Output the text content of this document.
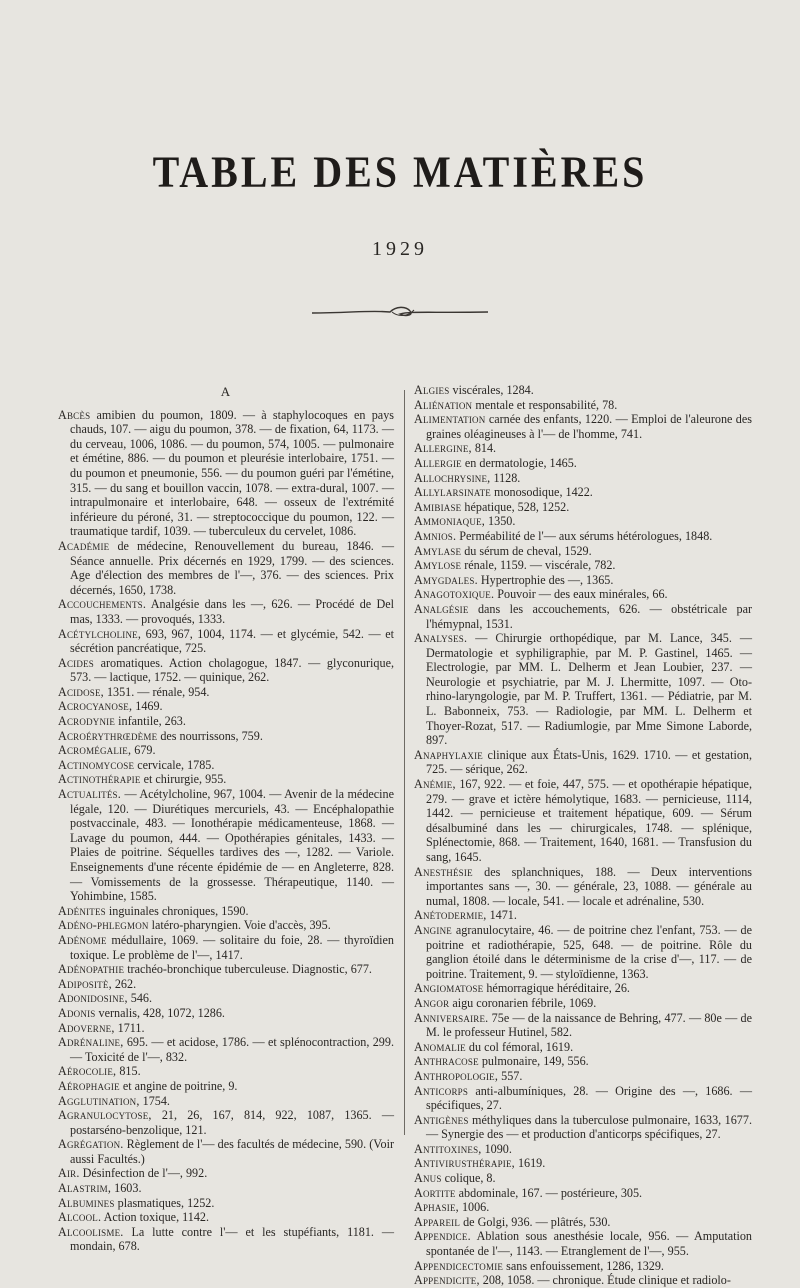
TABLE DES MATIÈRES
1929
A

Abcès amibien du poumon, 1809. — à staphylocoques en pays chauds, 107. — aigu du poumon, 378. — de fixation, 64, 1173. — du cerveau, 1006, 1086. — du poumon, 574, 1005. — pulmonaire et émétine, 886. — du poumon et pleurésie interlobaire, 1751. — du poumon et pneumonie, 556. — du poumon guéri par l'émétine, 315. — du sang et bouillon vaccin, 1078. — extra-dural, 1007. — intrapulmonaire et interlobaire, 648. — osseux de l'extrémité inférieure du péroné, 31. — streptococcique du poumon, 122. — traumatique tardif, 1039. — tuberculeux du cervelet, 1086.

Académie de médecine, Renouvellement du bureau, 1846. — Séance annuelle. Prix décernés en 1929, 1799. — des sciences. Age d'élection des membres de l'—, 376. — des sciences. Prix décernés, 1650, 1738.

Accouchements. Analgésie dans les —, 626. — Procédé de Del mas, 1333. — provoqués, 1333.

Acétylcholine, 693, 967, 1004, 1174. — et glycémie, 542. — et sécrétion pancréatique, 725.

Acides aromatiques. Action cholagogue, 1847. — glyconurique, 573. — lactique, 1752. — quinique, 262.

Acidose, 1351. — rénale, 954.

Acrocyanose, 1469.

Acrodynie infantile, 263.

Acroérythrœdème des nourrissons, 759.

Acromégalie, 679.

Actinomycose cervicale, 1785.

Actinothérapie et chirurgie, 955.

Actualités. — Acétylcholine, 967, 1004. — Avenir de la médecine légale, 120. — Diurétiques mercuriels, 43. — Encéphalopathie postvaccinale, 483. — Ionothérapie médicamenteuse, 1868. — Lavage du poumon, 444. — Opothérapies génitales, 1433. — Plaies de poitrine. Séquelles tardives des —, 1282. — Variole. Enseignements d'une récente épidémie de — en Angleterre, 828. — Vomissements de la grossesse. Thérapeutique, 1140. — Yohimbine, 1585.

Adénites inguinales chroniques, 1590.

Adéno-phlegmon latéro-pharyngien. Voie d'accès, 395.

Adénome médullaire, 1069. — solitaire du foie, 28. — thyroïdien toxique. Le problème de l'—, 1417.

Adénopathie trachéo-bronchique tuberculeuse. Diagnostic, 677.

Adipositè, 262.

Adonidosine, 546.

Adonis vernalis, 428, 1072, 1286.

Adoverne, 1711.

Adrénaline, 695. — et acidose, 1786. — et splénocontraction, 299. — Toxicité de l'—, 832.

Aérocolie, 815.

Aérophagie et angine de poitrine, 9.

Agglutination, 1754.

Agranulocytose, 21, 26, 167, 814, 922, 1087, 1365. — postarséno-benzolique, 121.

Agrégation. Règlement de l'— des facultés de médecine, 590. (Voir aussi Facultés.)

Air. Désinfection de l'—, 992.

Alastrim, 1603.

Albumines plasmatiques, 1252.

Alcool. Action toxique, 1142.

Alcoolisme. La lutte contre l'— et les stupéfiants, 1181. — mondain, 678.

Algies viscérales, 1284.

Aliénation mentale et responsabilité, 78.

Alimentation carnée des enfants, 1220. — Emploi de l'aleurone des graines oléagineuses à l'— de l'homme, 741.

Allergine, 814.

Allergie en dermatologie, 1465.

Allochrysine, 1128.

Allylarsinate monosodique, 1422.

Amibiase hépatique, 528, 1252.

Ammoniaque, 1350.

Amnios. Perméabilité de l'— aux sérums hétérologues, 1848.

Amylase du sérum de cheval, 1529.

Amylose rénale, 1159. — viscérale, 782.

Amygdales. Hypertrophie des —, 1365.

Anagotoxique. Pouvoir — des eaux minérales, 66.

Analgésie dans les accouchements, 626. — obstétricale par l'hémypnal, 1531.

Analyses. — Chirurgie orthopédique, par M. Lance, 345. — Dermatologie et syphiligraphie, par M. P. Gastinel, 1465. — Electrologie, par MM. L. Delherm et Jean Loubier, 237. — Neurologie et psychiatrie, par M. J. Lhermitte, 1097. — Oto-rhino-laryngologie, par M. P. Truffert, 1361. — Pédiatrie, par M. L. Babonneix, 753. — Radiologie, par MM. L. Delherm et Thoyer-Rozat, 517. — Radiumlogie, par Mme Simone Laborde, 897.

Anaphylaxie clinique aux États-Unis, 1629. 1710. — et gestation, 725. — sérique, 262.

Anémie, 167, 922. — et foie, 447, 575. — et opothérapie hépatique, 279. — grave et ictère hémolytique, 1683. — pernicieuse, 1114, 1442. — pernicieuse et traitement hépatique, 609. — Sérum désalbuminé dans les — chirurgicales, 1748. — splénique, Splénectomie, 868. — Traitement, 1640, 1681. — Transfusion du sang, 1645.

Anesthésie des splanchniques, 188. — Deux interventions importantes sans —, 30. — générale, 23, 1088. — générale au numal, 1808. — locale, 541. — locale et adrénaline, 530.

Anétodermie, 1471.

Angine agranulocytaire, 46. — de poitrine chez l'enfant, 753. — de poitrine et radiothérapie, 525, 648. — de poitrine. Rôle du ganglion étoilé dans le déterminisme de la crise d'—, 117. — de poitrine. Traitement, 9. — styloïdienne, 1363.

Angiomatose hémorragique héréditaire, 26.

Angor aigu coronarien fébrile, 1069.

Anniversaire. 75e — de la naissance de Behring, 477. — 80e — de M. le professeur Hutinel, 582.

Anomalie du col fémoral, 1619.

Anthracose pulmonaire, 149, 556.

Anthropologie, 557.

Anticorps anti-albumíniques, 28. — Origine des —, 1686. — spécifiques, 27.

Antigènes méthyliques dans la tuberculose pulmonaire, 1633, 1677. — Synergie des — et production d'anticorps spécifiques, 27.

Antitoxines, 1090.

Antivirusthérapie, 1619.

Anus colique, 8.

Aortite abdominale, 167. — postérieure, 305.

Aphasie, 1006.

Appareil de Golgi, 936. — plâtrés, 530.

Appendice. Ablation sous anesthésie locale, 956. — Amputation spontanée de l'—, 1143. — Etranglement de l'—, 955.

Appendicectomie sans enfouissement, 1286, 1329.

Appendicite, 208, 1058. — chronique. Étude clinique et radiolo-
